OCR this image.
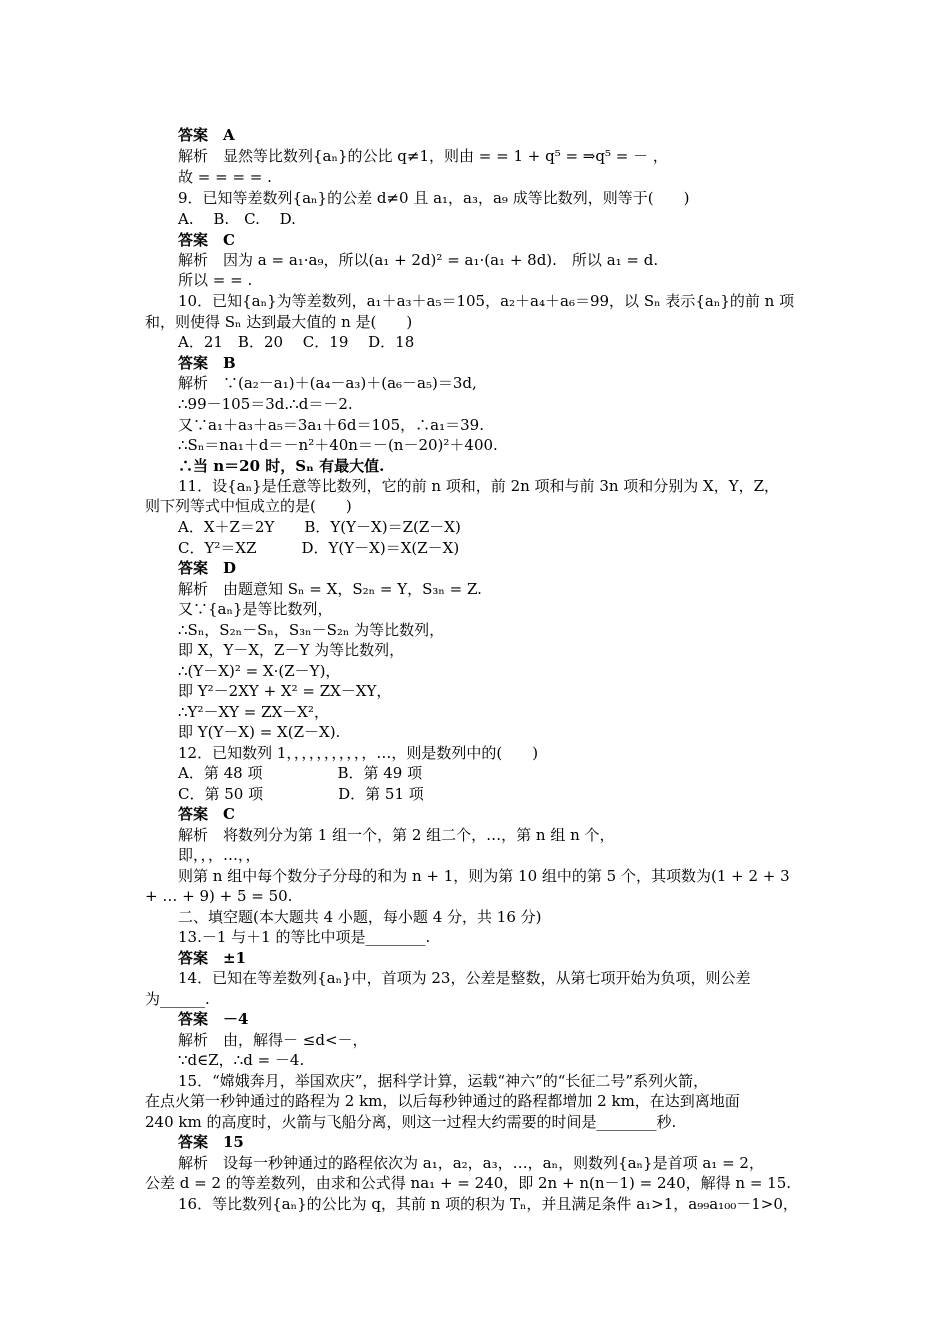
答案　A
解析　显然等比数列{aₙ}的公比 q≠1，则由 = = 1 + q⁵ = ⇒q⁵ = － ，
故 = = = = .
9．已知等差数列{aₙ}的公差 d≠0 且 a₁，a₃，a₉ 成等比数列，则等于(　　)
A.　 B.　C.　 D.
答案　C
解析　因为 a = a₁·a₉，所以(a₁ + 2d)² = a₁·(a₁ + 8d).　所以 a₁ = d.
所以 = = .
10．已知{aₙ}为等差数列，a₁＋a₃＋a₅＝105，a₂＋a₄＋a₆＝99，以 Sₙ 表示{aₙ}的前 n 项
和，则使得 Sₙ 达到最大值的 n 是(　　)
A．21　B．20　 C．19　 D．18
答案　B
解析　∵(a₂－a₁)＋(a₄－a₃)＋(a₆－a₅)＝3d,
∴99－105＝3d.∴d＝－2.
又∵a₁＋a₃＋a₅＝3a₁＋6d＝105，∴a₁＝39.
∴Sₙ＝na₁＋d＝－n²＋40n＝－(n－20)²＋400.
∴当 n＝20 时，Sₙ 有最大值.
11．设{aₙ}是任意等比数列，它的前 n 项和，前 2n 项和与前 3n 项和分别为 X，Y，Z，
则下列等式中恒成立的是(　　)
A．X＋Z＝2Y　　B．Y(Y－X)＝Z(Z－X)
C．Y²＝XZ　　　D．Y(Y－X)＝X(Z－X)
答案　D
解析　由题意知 Sₙ = X，S₂ₙ = Y，S₃ₙ = Z.
又∵{aₙ}是等比数列，
∴Sₙ，S₂ₙ－Sₙ，S₃ₙ－S₂ₙ 为等比数列，
即 X，Y－X，Z－Y 为等比数列，
∴(Y－X)² = X·(Z－Y)，
即 Y²－2XY + X² = ZX－XY，
∴Y²－XY = ZX－X²，
即 Y(Y－X) = X(Z－X).
12．已知数列 1，，，，，，，，，，，…，则是数列中的(　　)
A．第 48 项　　　　　B．第 49 项
C．第 50 项　　　　　D．第 51 项
答案　C
解析　将数列分为第 1 组一个，第 2 组二个，…，第 n 组 n 个，
即，，，…，，
则第 n 组中每个数分子分母的和为 n + 1，则为第 10 组中的第 5 个，其项数为(1 + 2 + 3
+ … + 9) + 5 = 50.
二、填空题(本大题共 4 小题，每小题 4 分，共 16 分)
13.－1 与＋1 的等比中项是________.
答案　±1
14．已知在等差数列{aₙ}中，首项为 23，公差是整数，从第七项开始为负项，则公差
为______.
答案　－4
解析　由，解得－ ≤d<－，
∵d∈Z，∴d = －4.
15．“嫦娥奔月，举国欢庆”，据科学计算，运载“神六”的“长征二号”系列火箭，
在点火第一秒钟通过的路程为 2 km，以后每秒钟通过的路程都增加 2 km，在达到离地面
240 km 的高度时，火箭与飞船分离，则这一过程大约需要的时间是________秒.
答案　15
解析　设每一秒钟通过的路程依次为 a₁，a₂，a₃，…，aₙ，则数列{aₙ}是首项 a₁ = 2，
公差 d = 2 的等差数列，由求和公式得 na₁ + = 240，即 2n + n(n－1) = 240，解得 n = 15.
16．等比数列{aₙ}的公比为 q，其前 n 项的积为 Tₙ，并且满足条件 a₁>1，a₉₉a₁₀₀－1>0，
